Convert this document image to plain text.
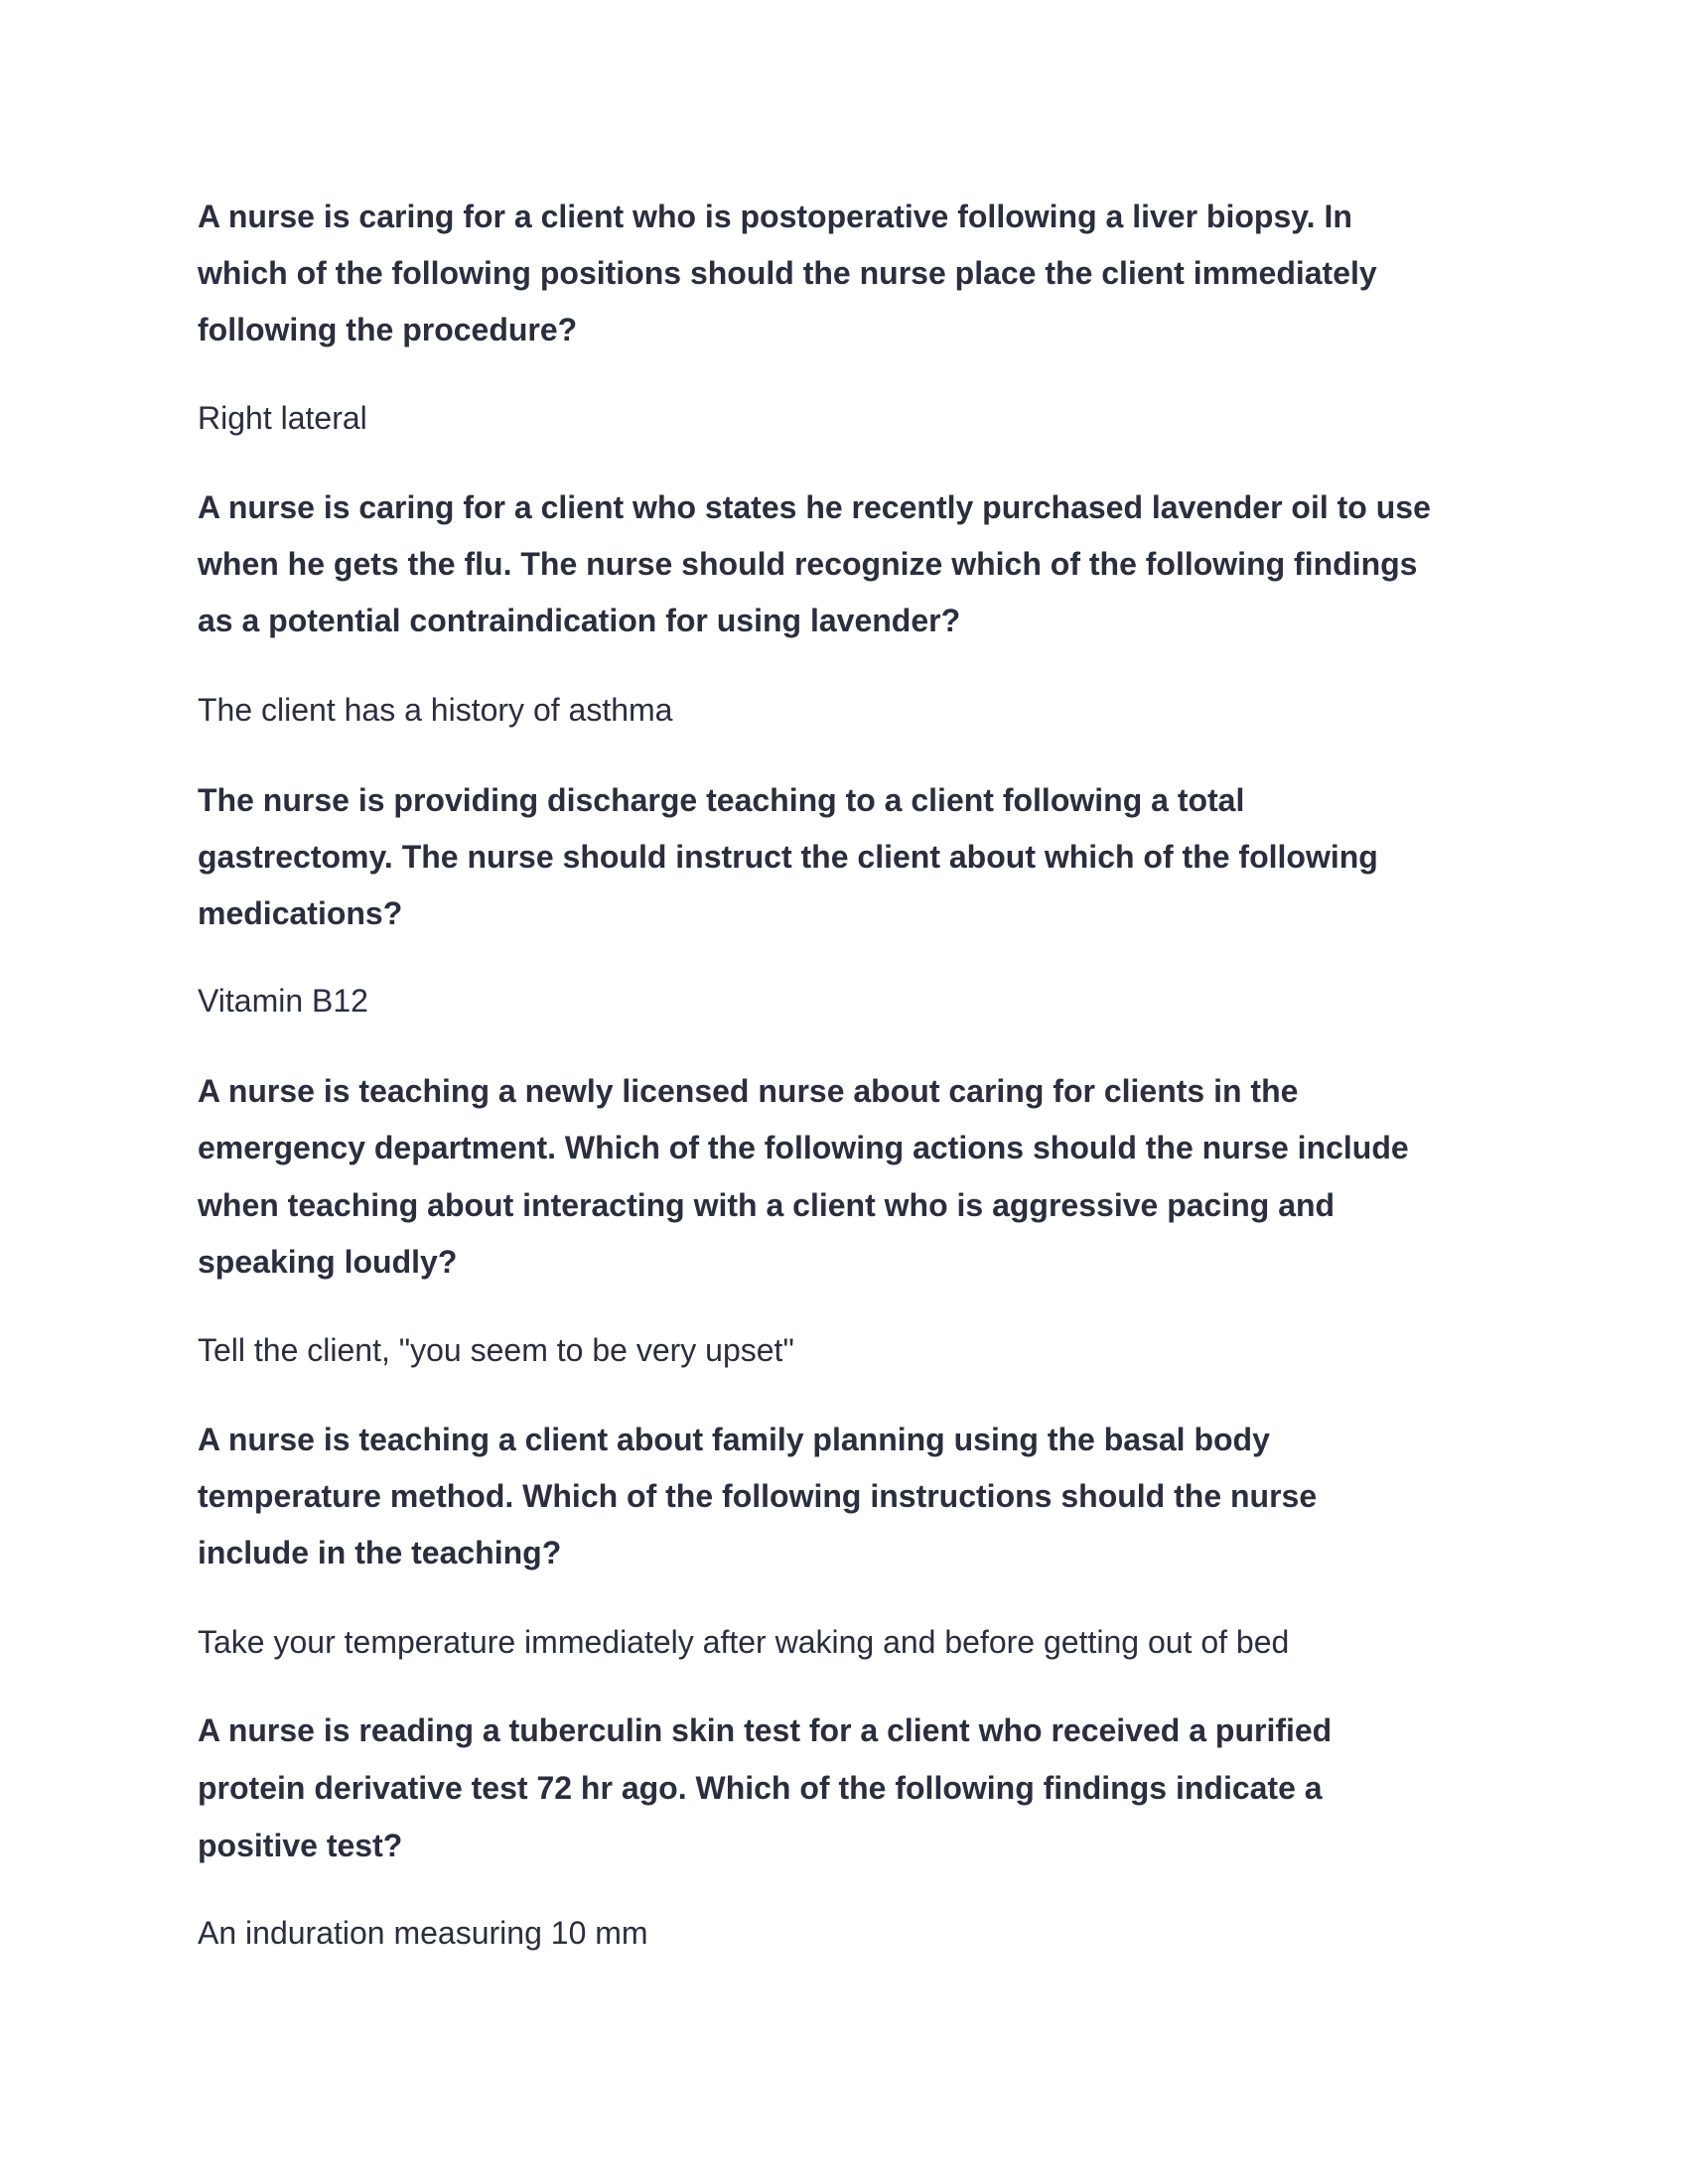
A nurse is caring for a client who is postoperative following a liver biopsy. In
which of the following positions should the nurse place the client immediately
following the procedure?
Right lateral
A nurse is caring for a client who states he recently purchased lavender oil to use
when he gets the flu. The nurse should recognize which of the following findings
as a potential contraindication for using lavender?
The client has a history of asthma
The nurse is providing discharge teaching to a client following a total
gastrectomy. The nurse should instruct the client about which of the following
medications?
Vitamin B12
A nurse is teaching a newly licensed nurse about caring for clients in the
emergency department. Which of the following actions should the nurse include
when teaching about interacting with a client who is aggressive pacing and
speaking loudly?
Tell the client, "you seem to be very upset"
A nurse is teaching a client about family planning using the basal body
temperature method. Which of the following instructions should the nurse
include in the teaching?
Take your temperature immediately after waking and before getting out of bed
A nurse is reading a tuberculin skin test for a client who received a purified
protein derivative test 72 hr ago. Which of the following findings indicate a
positive test?
An induration measuring 10 mm
